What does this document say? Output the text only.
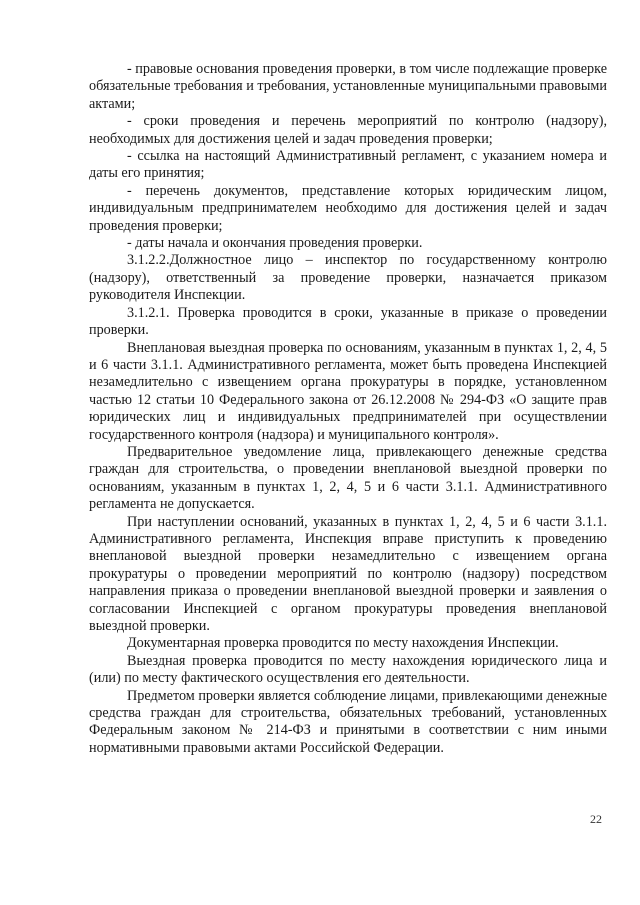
- правовые основания проведения проверки, в том числе подлежащие проверке обязательные требования и требования, установленные муниципальными правовыми актами;

- сроки проведения и перечень мероприятий по контролю (надзору), необходимых для достижения целей и задач проведения проверки;

- ссылка на настоящий Административный регламент, с указанием номера и даты его принятия;

- перечень документов, представление которых юридическим лицом, индивидуальным предпринимателем необходимо для достижения целей и задач проведения проверки;

- даты начала и окончания проведения проверки.

3.1.2.2.Должностное лицо – инспектор по государственному контролю (надзору), ответственный за проведение проверки, назначается приказом руководителя Инспекции.

3.1.2.1. Проверка проводится в сроки, указанные в приказе о проведении проверки.

Внеплановая выездная проверка по основаниям, указанным в пунктах 1, 2, 4, 5 и 6 части 3.1.1. Административного регламента, может быть проведена Инспекцией незамедлительно с извещением органа прокуратуры в порядке, установленном частью 12 статьи 10 Федерального закона от 26.12.2008 № 294-ФЗ «О защите прав юридических лиц и индивидуальных предпринимателей при осуществлении государственного контроля (надзора) и муниципального контроля».

Предварительное уведомление лица, привлекающего денежные средства граждан для строительства, о проведении внеплановой выездной проверки по основаниям, указанным в пунктах 1, 2, 4, 5 и 6 части 3.1.1. Административного регламента не допускается.

При наступлении оснований, указанных в пунктах 1, 2, 4, 5 и 6 части 3.1.1. Административного регламента, Инспекция вправе приступить к проведению внеплановой выездной проверки незамедлительно с извещением органа прокуратуры о проведении мероприятий по контролю (надзору) посредством направления приказа о проведении внеплановой выездной проверки и заявления о согласовании Инспекцией с органом прокуратуры проведения внеплановой выездной проверки.

Документарная проверка проводится по месту нахождения Инспекции.

Выездная проверка проводится по месту нахождения юридического лица и (или) по месту фактического осуществления его деятельности.

Предметом проверки является соблюдение лицами, привлекающими денежные средства граждан для строительства, обязательных требований, установленных Федеральным законом № 214-ФЗ и принятыми в соответствии с ним иными нормативными правовыми актами Российской Федерации.

22
